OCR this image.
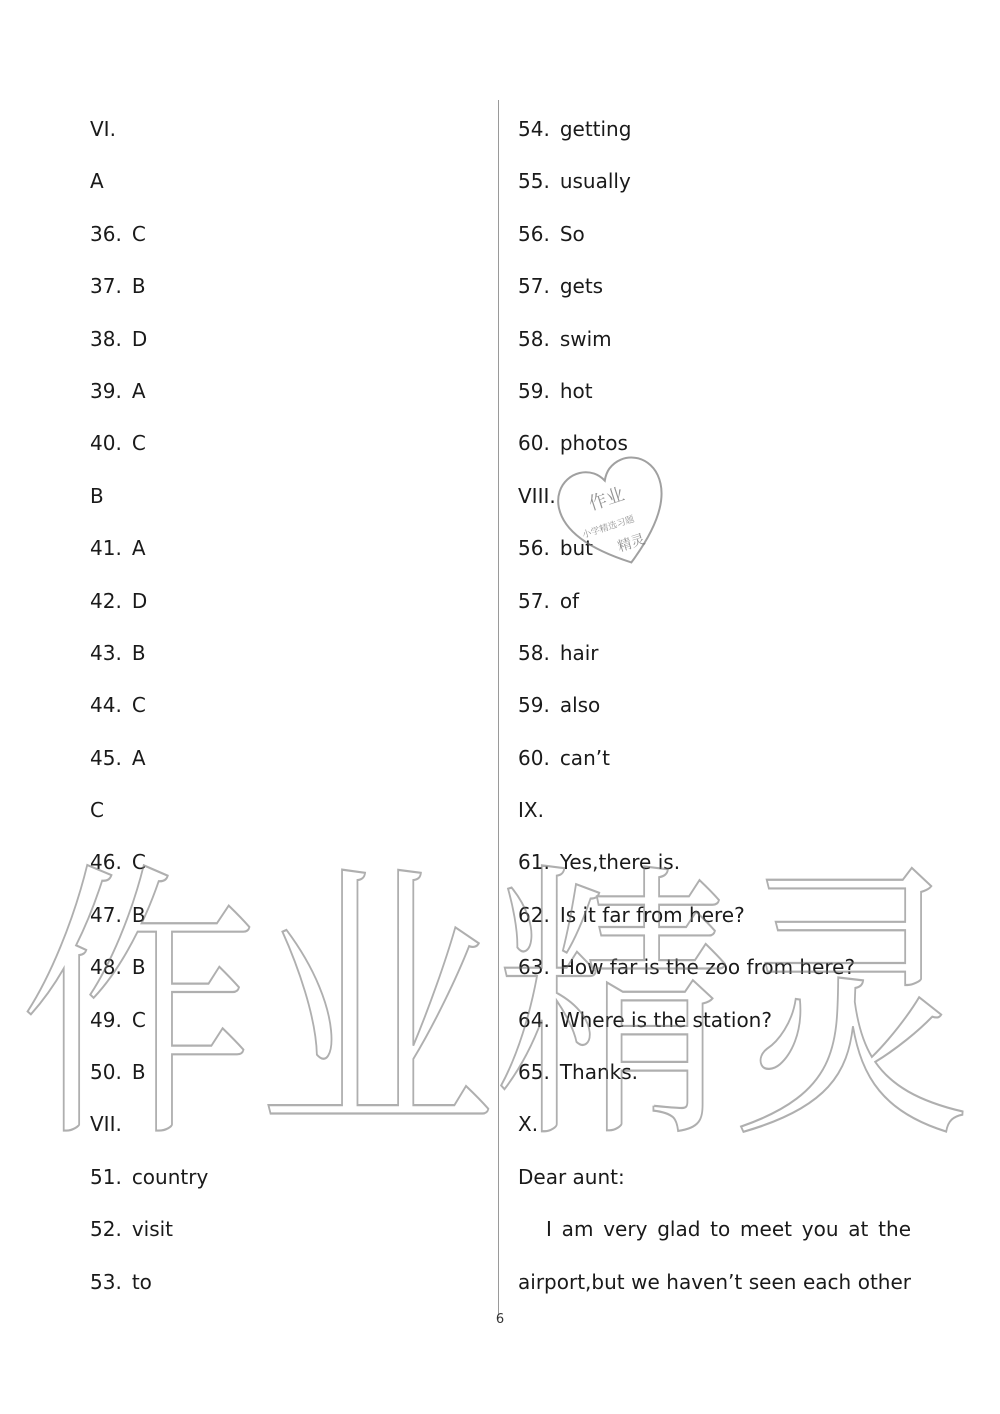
VI.
A
36. C
37. B
38. D
39. A
40. C
B
41. A
42. D
43. B
44. C
45. A
C
46. C
47. B
48. B
49. C
50. B
VII.
51. country
52. visit
53. to
54. getting
55. usually
56. So
57. gets
58. swim
59. hot
60. photos
VIII.
56. but
57. of
58. hair
59. also
60. can’t
IX.
61. Yes,there is.
62. Is it far from here?
63. How far is the zoo from here?
64. Where is the station?
65. Thanks.
X.
Dear aunt:
I am very glad to meet you at the
airport,but we haven’t seen each other
6
作业精灵
作业
小学精选习题
精灵
